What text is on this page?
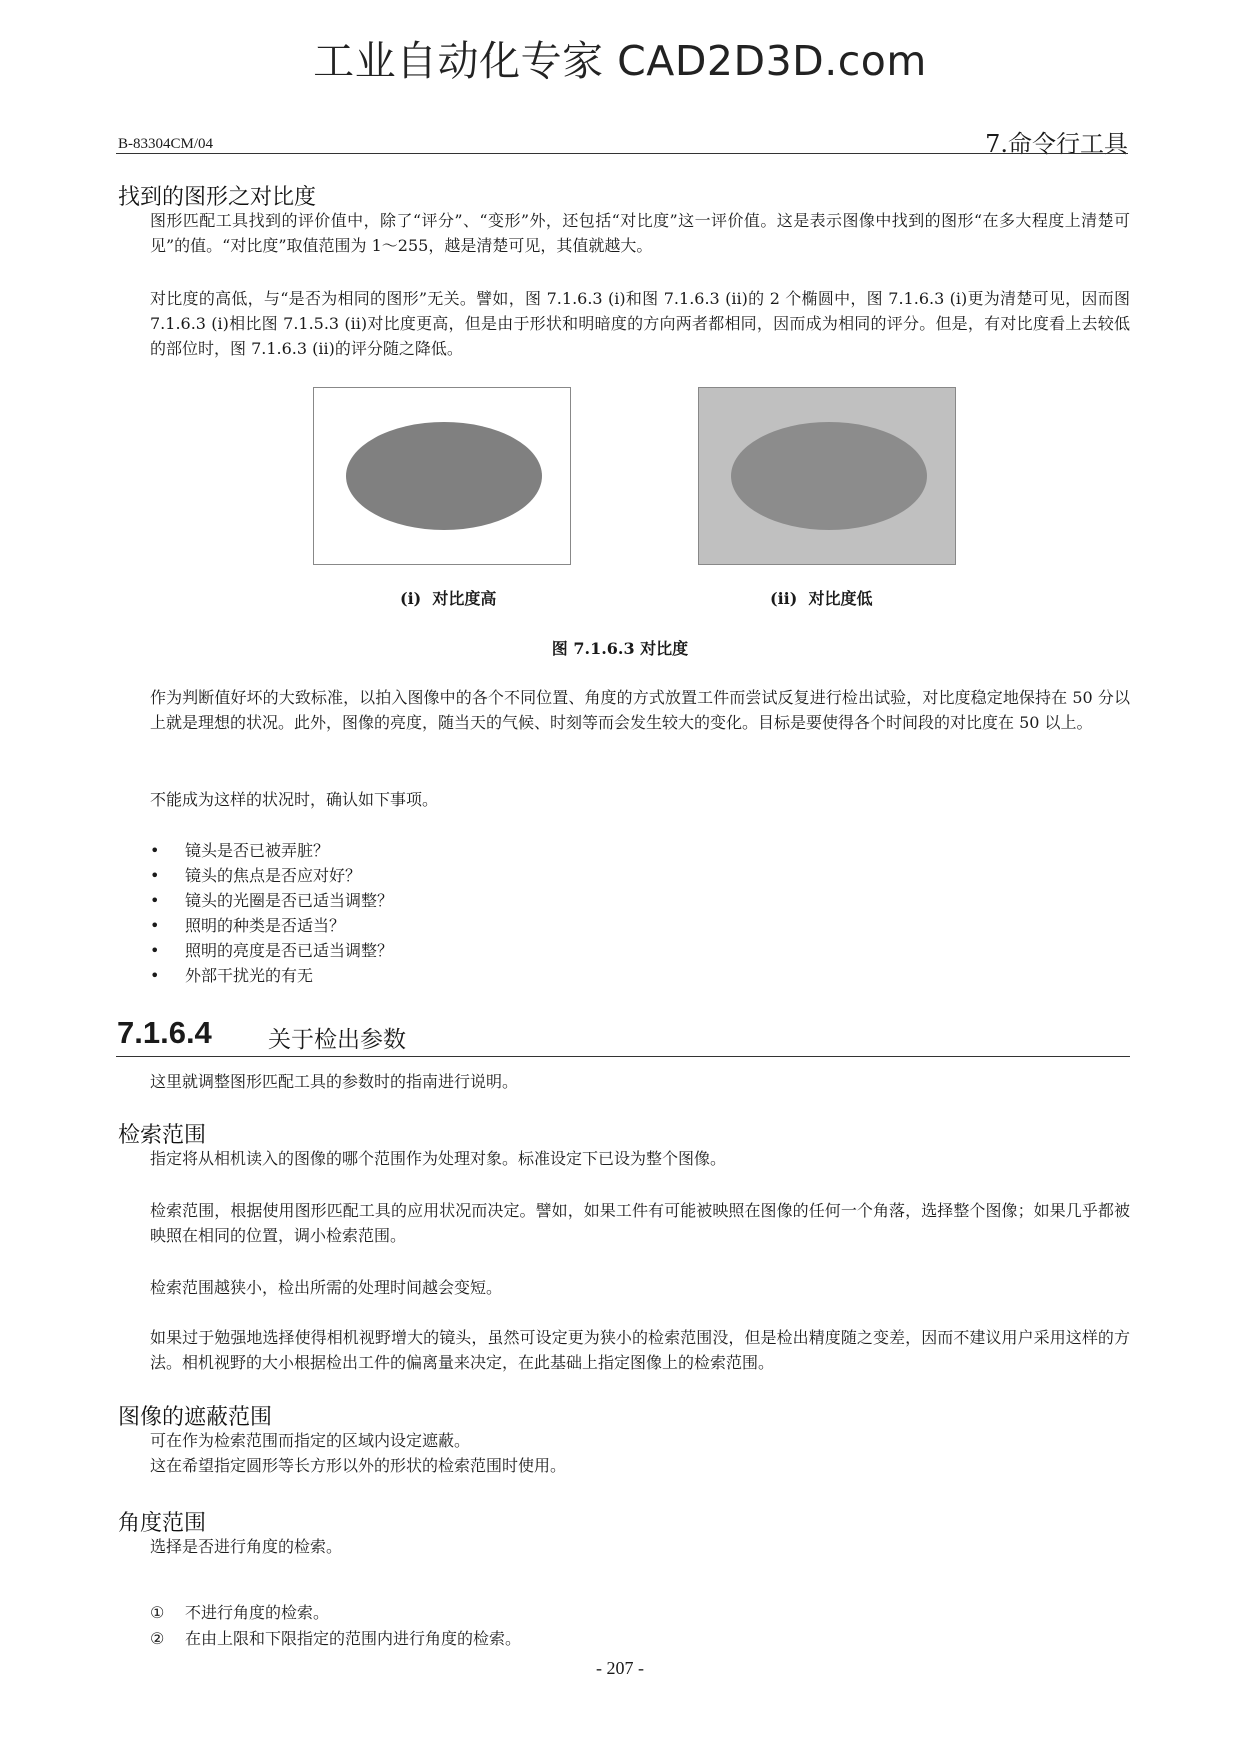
工业自动化专家 CAD2D3D.com
B-83304CM/04	7.命令行工具
找到的图形之对比度
图形匹配工具找到的评价值中，除了“评分”、“变形”外，还包括“对比度”这一评价值。这是表示图像中找到的图形“在多大程度上清楚可见”的值。“对比度”取值范围为 1～255，越是清楚可见，其值就越大。
对比度的高低，与“是否为相同的图形”无关。譬如，图 7.1.6.3 (i)和图 7.1.6.3 (ii)的 2 个椭圆中，图 7.1.6.3 (i)更为清楚可见，因而图 7.1.6.3 (i)相比图 7.1.5.3 (ii)对比度更高，但是由于形状和明暗度的方向两者都相同，因而成为相同的评分。但是，有对比度看上去较低的部位时，图 7.1.6.3 (ii)的评分随之降低。
(i) 对比度高	(ii) 对比度低
图 7.1.6.3 对比度
作为判断值好坏的大致标准，以拍入图像中的各个不同位置、角度的方式放置工件而尝试反复进行检出试验，对比度稳定地保持在 50 分以上就是理想的状况。此外，图像的亮度，随当天的气候、时刻等而会发生较大的变化。目标是要使得各个时间段的对比度在 50 以上。
不能成为这样的状况时，确认如下事项。
• 镜头是否已被弄脏？
• 镜头的焦点是否应对好？
• 镜头的光圈是否已适当调整？
• 照明的种类是否适当？
• 照明的亮度是否已适当调整？
• 外部干扰光的有无
7.1.6.4 关于检出参数
这里就调整图形匹配工具的参数时的指南进行说明。
检索范围
指定将从相机读入的图像的哪个范围作为处理对象。标准设定下已设为整个图像。
检索范围，根据使用图形匹配工具的应用状况而决定。譬如，如果工件有可能被映照在图像的任何一个角落，选择整个图像；如果几乎都被映照在相同的位置，调小检索范围。
检索范围越狭小，检出所需的处理时间越会变短。
如果过于勉强地选择使得相机视野增大的镜头，虽然可设定更为狭小的检索范围没，但是检出精度随之变差，因而不建议用户采用这样的方法。相机视野的大小根据检出工件的偏离量来决定，在此基础上指定图像上的检索范围。
图像的遮蔽范围
可在作为检索范围而指定的区域内设定遮蔽。
这在希望指定圆形等长方形以外的形状的检索范围时使用。
角度范围
选择是否进行角度的检索。
① 不进行角度的检索。
② 在由上限和下限指定的范围内进行角度的检索。
- 207 -
